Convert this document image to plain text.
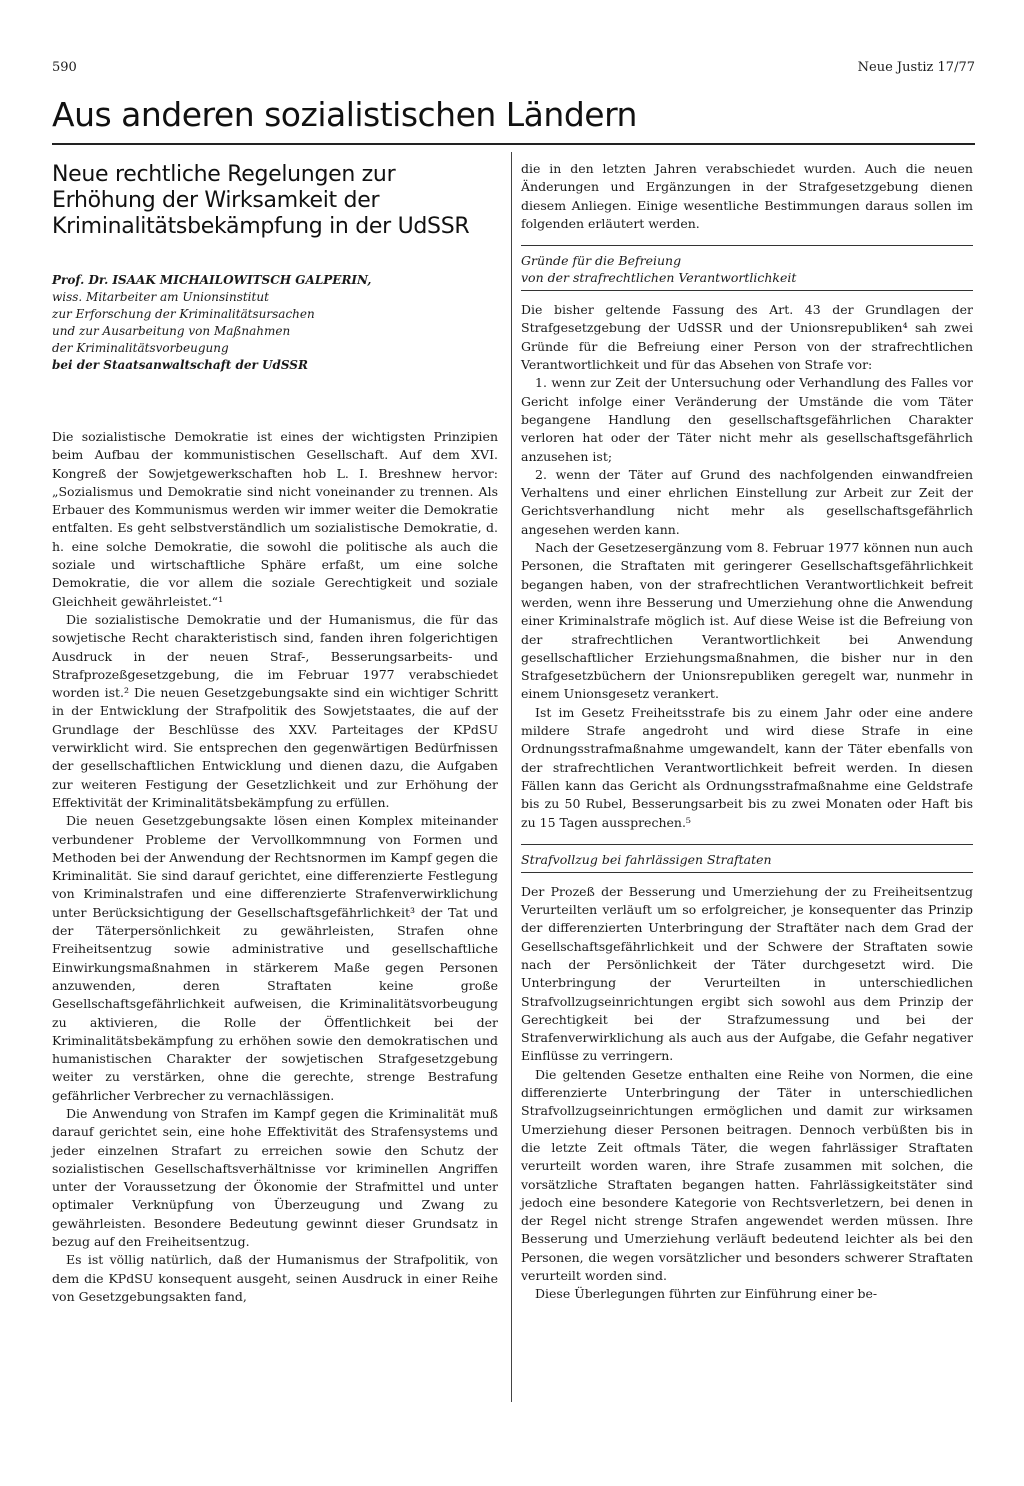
590	Neue Justiz 17/77
Aus anderen sozialistischen Ländern
Neue rechtliche Regelungen zur Erhöhung der Wirksamkeit der Kriminalitätsbekämpfung in der UdSSR
Prof. Dr. ISAAK MICHAILOWITSCH GALPERIN,
wiss. Mitarbeiter am Unionsinstitut
zur Erforschung der Kriminalitätsursachen
und zur Ausarbeitung von Maßnahmen
der Kriminalitätsvorbeugung
bei der Staatsanwaltschaft der UdSSR

Die sozialistische Demokratie ist eines der wichtigsten Prinzipien beim Aufbau der kommunistischen Gesellschaft. Auf dem XVI. Kongreß der Sowjetgewerkschaften hob L. I. Breshnew hervor: „Sozialismus und Demokratie sind nicht voneinander zu trennen. Als Erbauer des Kommunismus werden wir immer weiter die Demokratie entfalten. Es geht selbstverständlich um sozialistische Demokratie, d. h. eine solche Demokratie, die sowohl die politische als auch die soziale und wirtschaftliche Sphäre erfaßt, um eine solche Demokratie, die vor allem die soziale Gerechtigkeit und soziale Gleichheit gewährleistet.“¹

Die sozialistische Demokratie und der Humanismus, die für das sowjetische Recht charakteristisch sind, fanden ihren folgerichtigen Ausdruck in der neuen Straf-, Besserungsarbeits- und Strafprozeßgesetzgebung, die im Februar 1977 verabschiedet worden ist.² Die neuen Gesetzgebungsakte sind ein wichtiger Schritt in der Entwicklung der Strafpolitik des Sowjetstaates, die auf der Grundlage der Beschlüsse des XXV. Parteitages der KPdSU verwirklicht wird. Sie entsprechen den gegenwärtigen Bedürfnissen der gesellschaftlichen Entwicklung und dienen dazu, die Aufgaben zur weiteren Festigung der Gesetzlichkeit und zur Erhöhung der Effektivität der Kriminalitätsbekämpfung zu erfüllen.

Die neuen Gesetzgebungsakte lösen einen Komplex miteinander verbundener Probleme der Vervollkommnung von Formen und Methoden bei der Anwendung der Rechtsnormen im Kampf gegen die Kriminalität. Sie sind darauf gerichtet, eine differenzierte Festlegung von Kriminalstrafen und eine differenzierte Strafenverwirklichung unter Berücksichtigung der Gesellschaftsgefährlichkeit³ der Tat und der Täterpersönlichkeit zu gewährleisten, Strafen ohne Freiheitsentzug sowie administrative und gesellschaftliche Einwirkungsmaßnahmen in stärkerem Maße gegen Personen anzuwenden, deren Straftaten keine große Gesellschaftsgefährlichkeit aufweisen, die Kriminalitätsvorbeugung zu aktivieren, die Rolle der Öffentlichkeit bei der Kriminalitätsbekämpfung zu erhöhen sowie den demokratischen und humanistischen Charakter der sowjetischen Strafgesetzgebung weiter zu verstärken, ohne die gerechte, strenge Bestrafung gefährlicher Verbrecher zu vernachlässigen.

Die Anwendung von Strafen im Kampf gegen die Kriminalität muß darauf gerichtet sein, eine hohe Effektivität des Strafensystems und jeder einzelnen Strafart zu erreichen sowie den Schutz der sozialistischen Gesellschaftsverhältnisse vor kriminellen Angriffen unter der Voraussetzung der Ökonomie der Strafmittel und unter optimaler Verknüpfung von Überzeugung und Zwang zu gewährleisten. Besondere Bedeutung gewinnt dieser Grundsatz in bezug auf den Freiheitsentzug.

Es ist völlig natürlich, daß der Humanismus der Strafpolitik, von dem die KPdSU konsequent ausgeht, seinen Ausdruck in einer Reihe von Gesetzgebungsakten fand,

die in den letzten Jahren verabschiedet wurden. Auch die neuen Änderungen und Ergänzungen in der Strafgesetzgebung dienen diesem Anliegen. Einige wesentliche Bestimmungen daraus sollen im folgenden erläutert werden.

Gründe für die Befreiung
von der strafrechtlichen Verantwortlichkeit

Die bisher geltende Fassung des Art. 43 der Grundlagen der Strafgesetzgebung der UdSSR und der Unionsrepubliken⁴ sah zwei Gründe für die Befreiung einer Person von der strafrechtlichen Verantwortlichkeit und für das Absehen von Strafe vor:

1. wenn zur Zeit der Untersuchung oder Verhandlung des Falles vor Gericht infolge einer Veränderung der Umstände die vom Täter begangene Handlung den gesellschaftsgefährlichen Charakter verloren hat oder der Täter nicht mehr als gesellschaftsgefährlich anzusehen ist;

2. wenn der Täter auf Grund des nachfolgenden einwandfreien Verhaltens und einer ehrlichen Einstellung zur Arbeit zur Zeit der Gerichtsverhandlung nicht mehr als gesellschaftsgefährlich angesehen werden kann.

Nach der Gesetzesergänzung vom 8. Februar 1977 können nun auch Personen, die Straftaten mit geringerer Gesellschaftsgefährlichkeit begangen haben, von der strafrechtlichen Verantwortlichkeit befreit werden, wenn ihre Besserung und Umerziehung ohne die Anwendung einer Kriminalstrafe möglich ist. Auf diese Weise ist die Befreiung von der strafrechtlichen Verantwortlichkeit bei Anwendung gesellschaftlicher Erziehungsmaßnahmen, die bisher nur in den Strafgesetzbüchern der Unionsrepubliken geregelt war, nunmehr in einem Unionsgesetz verankert.

Ist im Gesetz Freiheitsstrafe bis zu einem Jahr oder eine andere mildere Strafe angedroht und wird diese Strafe in eine Ordnungsstrafmaßnahme umgewandelt, kann der Täter ebenfalls von der strafrechtlichen Verantwortlichkeit befreit werden. In diesen Fällen kann das Gericht als Ordnungsstrafmaßnahme eine Geldstrafe bis zu 50 Rubel, Besserungsarbeit bis zu zwei Monaten oder Haft bis zu 15 Tagen aussprechen.⁵

Strafvollzug bei fahrlässigen Straftaten

Der Prozeß der Besserung und Umerziehung der zu Freiheitsentzug Verurteilten verläuft um so erfolgreicher, je konsequenter das Prinzip der differenzierten Unterbringung der Straftäter nach dem Grad der Gesellschaftsgefährlichkeit und der Schwere der Straftaten sowie nach der Persönlichkeit der Täter durchgesetzt wird. Die Unterbringung der Verurteilten in unterschiedlichen Strafvollzugseinrichtungen ergibt sich sowohl aus dem Prinzip der Gerechtigkeit bei der Strafzumessung und bei der Strafenverwirklichung als auch aus der Aufgabe, die Gefahr negativer Einflüsse zu verringern.

Die geltenden Gesetze enthalten eine Reihe von Normen, die eine differenzierte Unterbringung der Täter in unterschiedlichen Strafvollzugseinrichtungen ermöglichen und damit zur wirksamen Umerziehung dieser Personen beitragen. Dennoch verbüßten bis in die letzte Zeit oftmals Täter, die wegen fahrlässiger Straftaten verurteilt worden waren, ihre Strafe zusammen mit solchen, die vorsätzliche Straftaten begangen hatten. Fahrlässigkeitstäter sind jedoch eine besondere Kategorie von Rechtsverletzern, bei denen in der Regel nicht strenge Strafen angewendet werden müssen. Ihre Besserung und Umerziehung verläuft bedeutend leichter als bei den Personen, die wegen vorsätzlicher und besonders schwerer Straftaten verurteilt worden sind.

Diese Überlegungen führten zur Einführung einer be-
